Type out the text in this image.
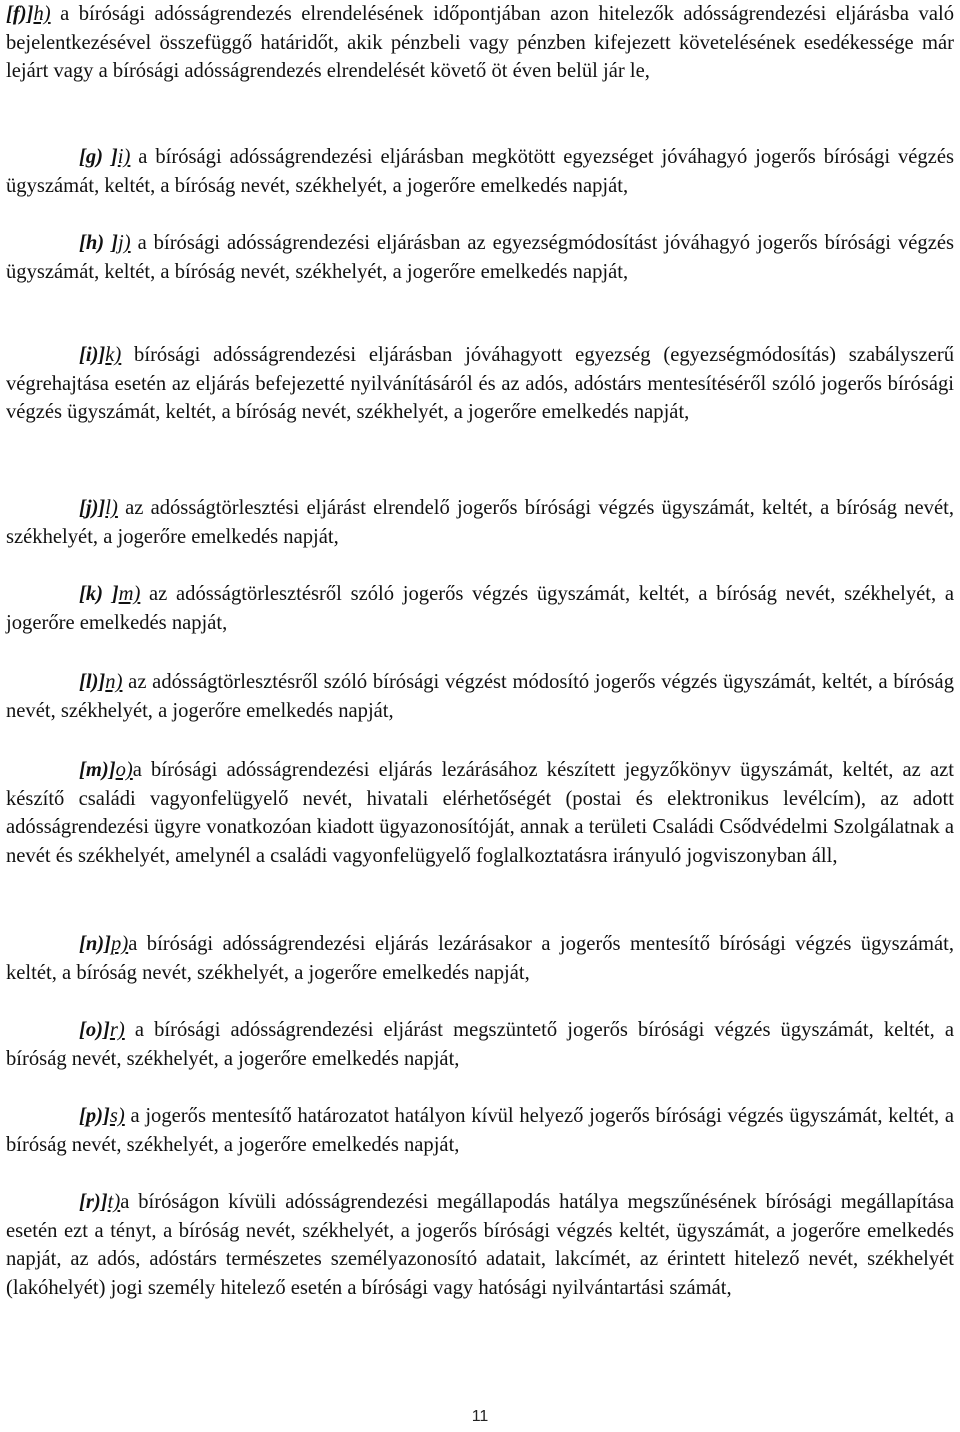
[f)]h) a bírósági adósságrendezés elrendelésének időpontjában azon hitelezők adósságrendezési eljárásba való bejelentkezésével összefüggő határidőt, akik pénzbeli vagy pénzben kifejezett követelésének esedékessége már lejárt vagy a bírósági adósságrendezés elrendelését követő öt éven belül jár le,

[g) ]i) a bírósági adósságrendezési eljárásban megkötött egyezséget jóváhagyó jogerős bírósági végzés ügyszámát, keltét, a bíróság nevét, székhelyét, a jogerőre emelkedés napját,

[h) ]j) a bírósági adósságrendezési eljárásban az egyezségmódosítást jóváhagyó jogerős bírósági végzés ügyszámát, keltét, a bíróság nevét, székhelyét, a jogerőre emelkedés napját,

[i)]k) bírósági adósságrendezési eljárásban jóváhagyott egyezség (egyezségmódosítás) szabályszerű végrehajtása esetén az eljárás befejezetté nyilvánításáról és az adós, adóstárs mentesítéséről szóló jogerős bírósági végzés ügyszámát, keltét, a bíróság nevét, székhelyét, a jogerőre emelkedés napját,

[j)]l) az adósságtörlesztési eljárást elrendelő jogerős bírósági végzés ügyszámát, keltét, a bíróság nevét, székhelyét, a jogerőre emelkedés napját,

[k) ]m) az adósságtörlesztésről szóló jogerős végzés ügyszámát, keltét, a bíróság nevét, székhelyét, a jogerőre emelkedés napját,

[l)]n) az adósságtörlesztésről szóló bírósági végzést módosító jogerős végzés ügyszámát, keltét, a bíróság nevét, székhelyét, a jogerőre emelkedés napját,

[m)]o)a bírósági adósságrendezési eljárás lezárásához készített jegyzőkönyv ügyszámát, keltét, az azt készítő családi vagyonfelügyelő nevét, hivatali elérhetőségét (postai és elektronikus levélcím), az adott adósságrendezési ügyre vonatkozóan kiadott ügyazonosítóját, annak a területi Családi Csődvédelmi Szolgálatnak a nevét és székhelyét, amelynél a családi vagyonfelügyelő foglalkoztatásra irányuló jogviszonyban áll,

[n)]p)a bírósági adósságrendezési eljárás lezárásakor a jogerős mentesítő bírósági végzés ügyszámát, keltét, a bíróság nevét, székhelyét, a jogerőre emelkedés napját,

[o)]r) a bírósági adósságrendezési eljárást megszüntető jogerős bírósági végzés ügyszámát, keltét, a bíróság nevét, székhelyét, a jogerőre emelkedés napját,

[p)]s) a jogerős mentesítő határozatot hatályon kívül helyező jogerős bírósági végzés ügyszámát, keltét, a bíróság nevét, székhelyét, a jogerőre emelkedés napját,

[r)]t)a bíróságon kívüli adósságrendezési megállapodás hatálya megszűnésének bírósági megállapítása esetén ezt a tényt, a bíróság nevét, székhelyét, a jogerős bírósági végzés keltét, ügyszámát, a jogerőre emelkedés napját, az adós, adóstárs természetes személyazonosító adatait, lakcímét, az érintett hitelező nevét, székhelyét (lakóhelyét) jogi személy hitelező esetén a bírósági vagy hatósági nyilvántartási számát,

11
